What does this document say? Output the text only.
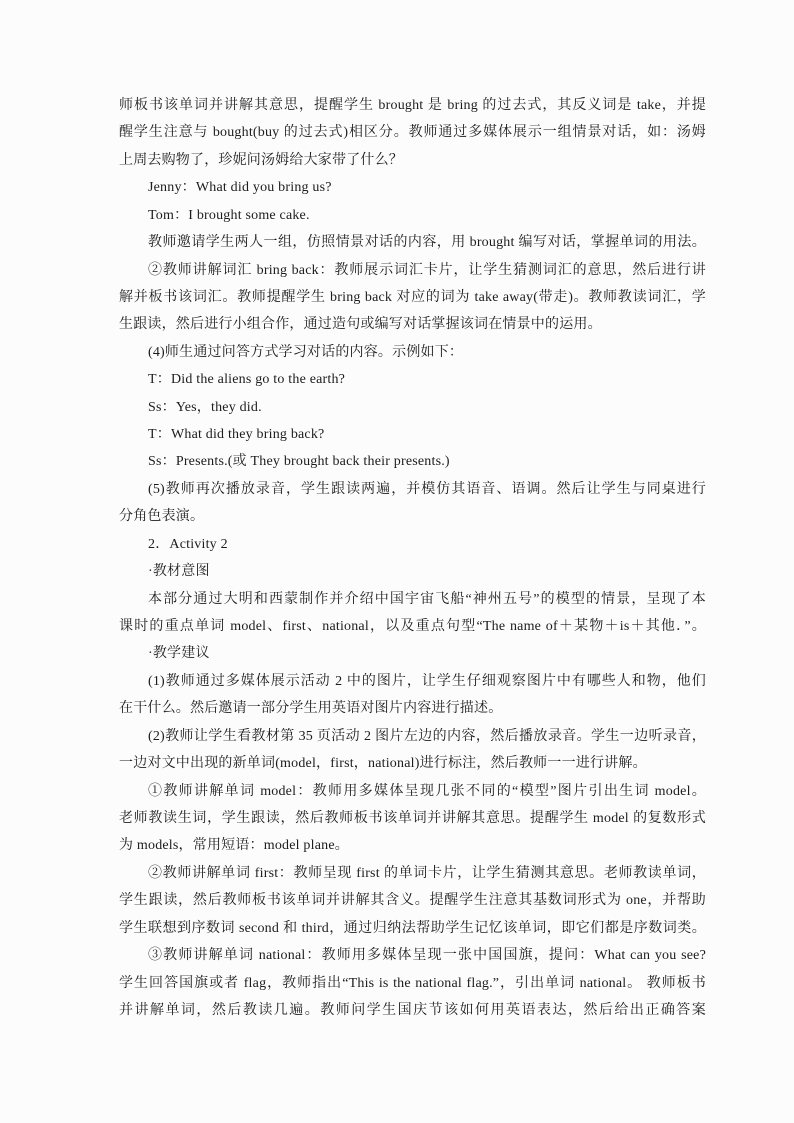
师板书该单词并讲解其意思，提醒学生 brought 是 bring 的过去式，其反义词是 take，并提
醒学生注意与 bought(buy 的过去式)相区分。教师通过多媒体展示一组情景对话，如：汤姆
上周去购物了，珍妮问汤姆给大家带了什么？
Jenny：What did you bring us?
Tom：I brought some cake.
教师邀请学生两人一组，仿照情景对话的内容，用 brought 编写对话，掌握单词的用法。
②教师讲解词汇 bring back：教师展示词汇卡片，让学生猜测词汇的意思，然后进行讲
解并板书该词汇。教师提醒学生 bring back 对应的词为 take away(带走)。教师教读词汇，学
生跟读，然后进行小组合作，通过造句或编写对话掌握该词在情景中的运用。
(4)师生通过问答方式学习对话的内容。示例如下：
T：Did the aliens go to the earth?
Ss：Yes，they did.
T：What did they bring back?
Ss：Presents.(或 They brought back their presents.)
(5)教师再次播放录音，学生跟读两遍，并模仿其语音、语调。然后让学生与同桌进行
分角色表演。
2．Activity 2
·教材意图
本部分通过大明和西蒙制作并介绍中国宇宙飞船“神州五号”的模型的情景，呈现了本
课时的重点单词 model、first、national，以及重点句型“The name of＋某物＋is＋其他．”。
·教学建议
(1)教师通过多媒体展示活动 2 中的图片，让学生仔细观察图片中有哪些人和物，他们
在干什么。然后邀请一部分学生用英语对图片内容进行描述。
(2)教师让学生看教材第 35 页活动 2 图片左边的内容，然后播放录音。学生一边听录音，
一边对文中出现的新单词(model，first，national)进行标注，然后教师一一进行讲解。
①教师讲解单词 model：教师用多媒体呈现几张不同的“模型”图片引出生词 model。
老师教读生词，学生跟读，然后教师板书该单词并讲解其意思。提醒学生 model 的复数形式
为 models，常用短语：model plane。
②教师讲解单词 first：教师呈现 first 的单词卡片，让学生猜测其意思。老师教读单词，
学生跟读，然后教师板书该单词并讲解其含义。提醒学生注意其基数词形式为 one，并帮助
学生联想到序数词 second 和 third，通过归纳法帮助学生记忆该单词，即它们都是序数词类。
③教师讲解单词 national：教师用多媒体呈现一张中国国旗，提问：What can you see?
学生回答国旗或者 flag，教师指出“This is the national flag.”，引出单词 national。 教师板书
并讲解单词，然后教读几遍。教师问学生国庆节该如何用英语表达，然后给出正确答案
